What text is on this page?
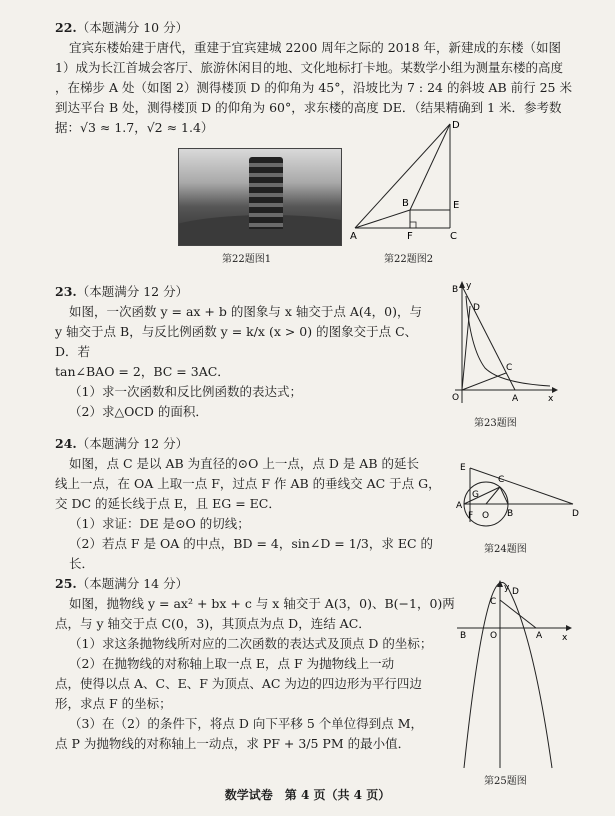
22.（本题满分 10 分）
宜宾东楼始建于唐代，重建于宜宾建城 2200 周年之际的 2018 年，新建成的东楼（如图
1）成为长江首城会客厅、旅游休闲目的地、文化地标打卡地。某数学小组为测量东楼的高度
，在梯步 A 处（如图 2）测得楼顶 D 的仰角为 45°，沿坡比为 7 : 24 的斜坡 AB 前行 25 米
到达平台 B 处，测得楼顶 D 的仰角为 60°，求东楼的高度 DE．（结果精确到 1 米．参考数
据：√3 ≈ 1.7，√2 ≈ 1.4）
第22题图1
D
B	E
A	F	C
第22题图2
23.（本题满分 12 分）
如图，一次函数 y = ax + b 的图象与 x 轴交于点 A(4，0)，与
y 轴交于点 B，与反比例函数 y = k/x (x > 0) 的图象交于点 C、D．若
tan∠BAO = 2，BC = 3AC．
（1）求一次函数和反比例函数的表达式；
（2）求△OCD 的面积．
y
B
D
C
O	A	x
第23题图
24.（本题满分 12 分）
如图，点 C 是以 AB 为直径的⊙O 上一点，点 D 是 AB 的延长
线上一点，在 OA 上取一点 F，过点 F 作 AB 的垂线交 AC 于点 G，
交 DC 的延长线于点 E，且 EG = EC．
（1）求证：DE 是⊙O 的切线；
（2）若点 F 是 OA 的中点，BD = 4，sin∠D = 1/3，求 EC 的长．
E
C
G
A
F O B	D
第24题图
25.（本题满分 14 分）
如图，抛物线 y = ax² + bx + c 与 x 轴交于 A(3，0)、B(−1，0)两
点，与 y 轴交于点 C(0，3)，其顶点为点 D，连结 AC．
（1）求这条抛物线所对应的二次函数的表达式及顶点 D 的坐标；
（2）在抛物线的对称轴上取一点 E，点 F 为抛物线上一动
点，使得以点 A、C、E、F 为顶点、AC 为边的四边形为平行四边
形，求点 F 的坐标；
（3）在（2）的条件下，将点 D 向下平移 5 个单位得到点 M，
点 P 为抛物线的对称轴上一动点，求 PF + 3/5 PM 的最小值．
y D
C
B	O	A x
第25题图
数学试卷　第 4 页（共 4 页）
